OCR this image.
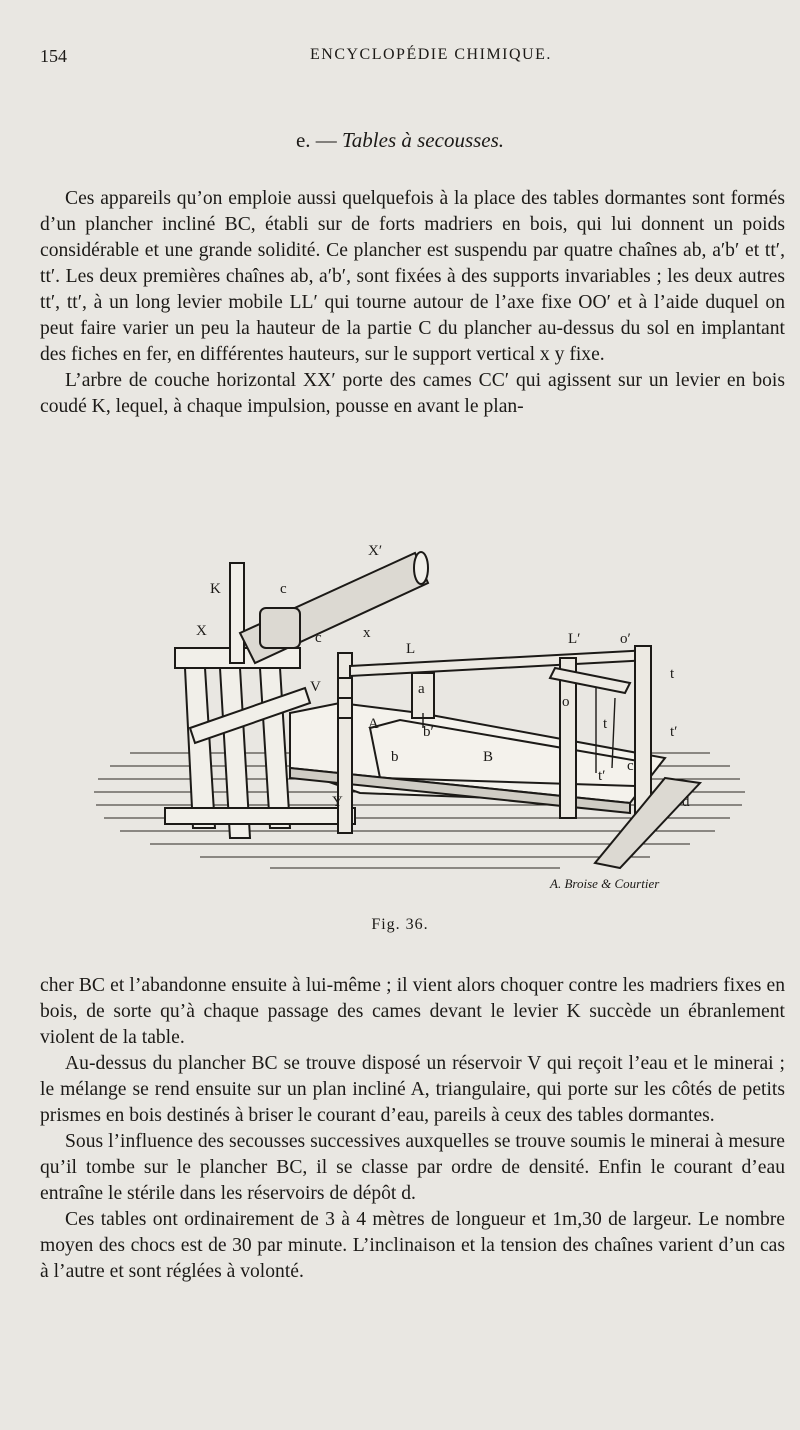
154	ENCYCLOPÉDIE CHIMIQUE.
e. — Tables à secousses.

Ces appareils qu’on emploie aussi quelquefois à la place des tables dormantes sont formés d’un plancher incliné BC, établi sur de forts madriers en bois, qui lui donnent un poids considérable et une grande solidité. Ce plancher est suspendu par quatre chaînes ab, a′b′ et tt′, tt′. Les deux premières chaînes ab, a′b′, sont fixées à des supports invariables ; les deux autres tt′, tt′, à un long levier mobile LL′ qui tourne autour de l’axe fixe OO′ et à l’aide duquel on peut faire varier un peu la hauteur de la partie C du plancher au-dessus du sol en implantant des fiches en fer, en différentes hauteurs, sur le support vertical x y fixe.

L’arbre de couche horizontal XX′ porte des cames CC′ qui agissent sur un levier en bois coudé K, lequel, à chaque impulsion, pousse en avant le plan-

X′
K	c
X	c	x
L
L′	o′
t
V	a
o
A	b′
b	B
t	t′
c
t′
Y	d
A. Broise & Courtier
Fig. 36.

cher BC et l’abandonne ensuite à lui-même ; il vient alors choquer contre les madriers fixes en bois, de sorte qu’à chaque passage des cames devant le levier K succède un ébranlement violent de la table.

Au-dessus du plancher BC se trouve disposé un réservoir V qui reçoit l’eau et le minerai ; le mélange se rend ensuite sur un plan incliné A, triangulaire, qui porte sur les côtés de petits prismes en bois destinés à briser le courant d’eau, pareils à ceux des tables dormantes.

Sous l’influence des secousses successives auxquelles se trouve soumis le minerai à mesure qu’il tombe sur le plancher BC, il se classe par ordre de densité. Enfin le courant d’eau entraîne le stérile dans les réservoirs de dépôt d.

Ces tables ont ordinairement de 3 à 4 mètres de longueur et 1m,30 de largeur. Le nombre moyen des chocs est de 30 par minute. L’inclinaison et la tension des chaînes varient d’un cas à l’autre et sont réglées à volonté.
